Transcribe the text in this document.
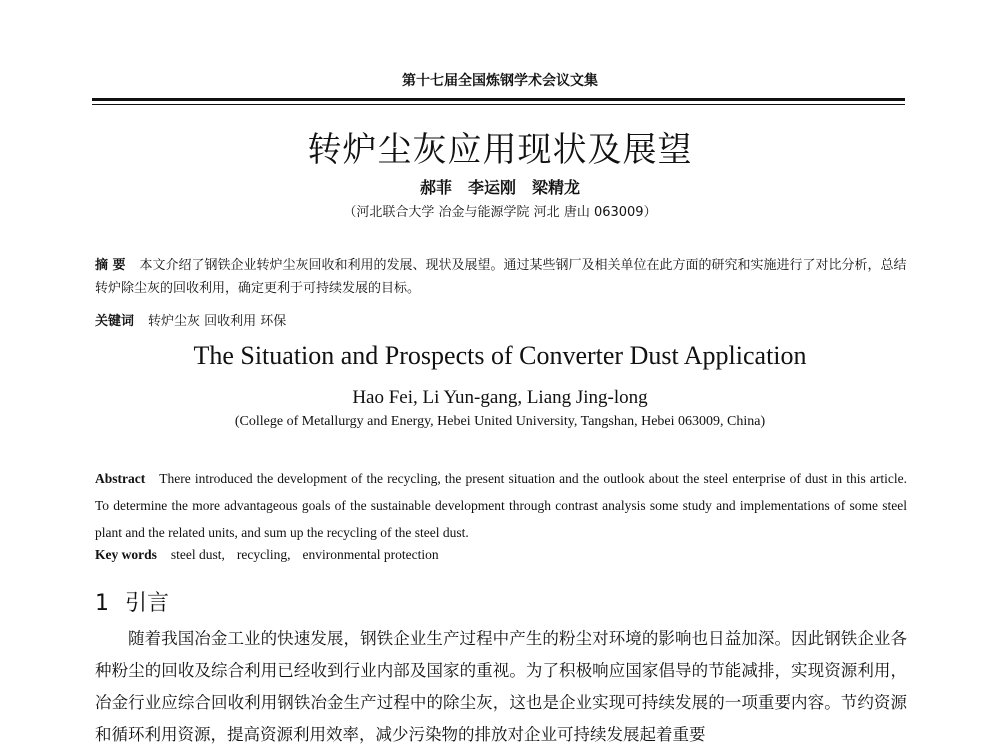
第十七届全国炼钢学术会议文集
转炉尘灰应用现状及展望
郝菲　李运刚　梁精龙
（河北联合大学 冶金与能源学院 河北 唐山 063009）
摘 要 本文介绍了钢铁企业转炉尘灰回收和利用的发展、现状及展望。通过某些钢厂及相关单位在此方面的研究和实施进行了对比分析，总结转炉除尘灰的回收利用，确定更利于可持续发展的目标。
关键词 转炉尘灰 回收利用 环保
The Situation and Prospects of Converter Dust Application
Hao Fei, Li Yun-gang, Liang Jing-long
(College of Metallurgy and Energy, Hebei United University, Tangshan, Hebei 063009, China)
Abstract There introduced the development of the recycling, the present situation and the outlook about the steel enterprise of dust in this article. To determine the more advantageous goals of the sustainable development through contrast analysis some study and implementations of some steel plant and the related units, and sum up the recycling of the steel dust.
Key words steel dust, recycling, environmental protection
1 引言
随着我国冶金工业的快速发展，钢铁企业生产过程中产生的粉尘对环境的影响也日益加深。因此钢铁企业各种粉尘的回收及综合利用已经收到行业内部及国家的重视。为了积极响应国家倡导的节能减排，实现资源利用，冶金行业应综合回收利用钢铁冶金生产过程中的除尘灰，这也是企业实现可持续发展的一项重要内容。节约资源和循环利用资源，提高资源利用效率，减少污染物的排放对企业可持续发展起着重要
